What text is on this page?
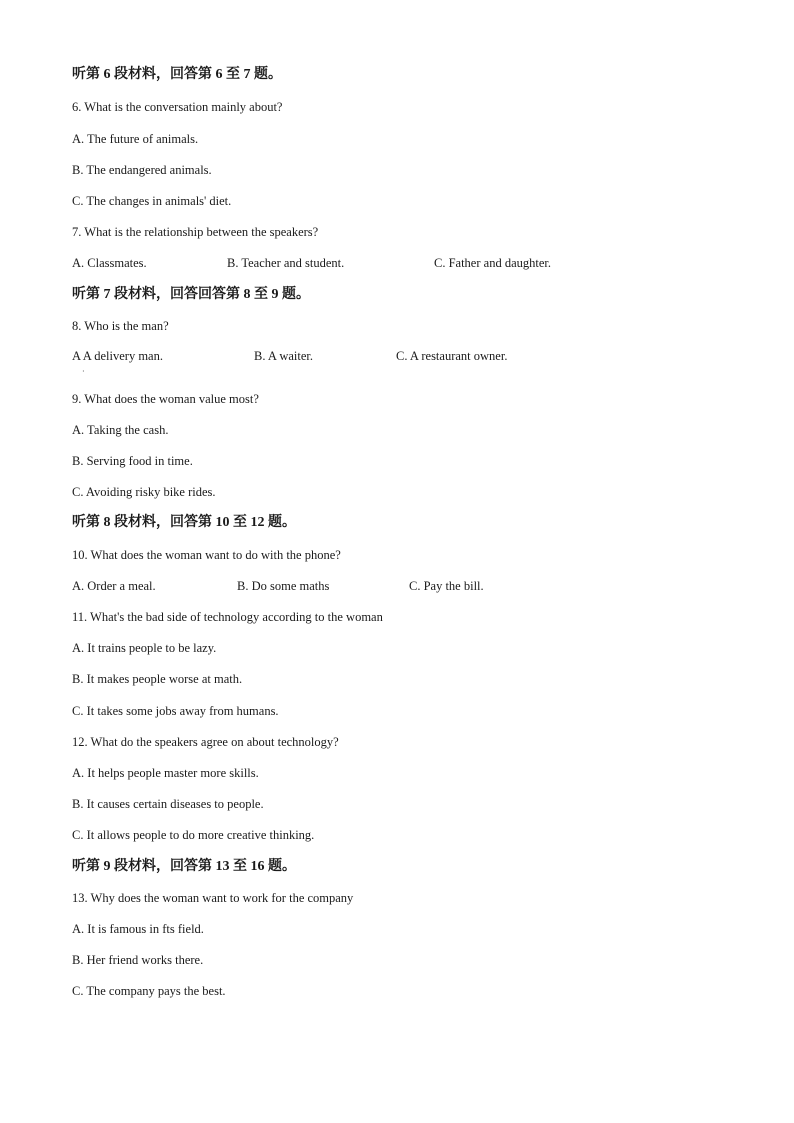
听第 6 段材料，回答第 6 至 7 题。
6. What is the conversation mainly about?
A. The future of animals.
B. The endangered animals.
C. The changes in animals' diet.
7. What is the relationship between the speakers?
A. Classmates.	B. Teacher and student.	C. Father and daughter.
听第 7 段材料，回答回答第 8 至 9 题。
8. Who is the man?
A A delivery man.	B. A waiter.	C. A restaurant owner.
·
9. What does the woman value most?
A. Taking the cash.
B. Serving food in time.
C. Avoiding risky bike rides.
听第 8 段材料，回答第 10 至 12 题。
10. What does the woman want to do with the phone?
A. Order a meal.	B. Do some maths	C. Pay the bill.
11. What's the bad side of technology according to the woman
A. It trains people to be lazy.
B. It makes people worse at math.
C. It takes some jobs away from humans.
12. What do the speakers agree on about technology?
A. It helps people master more skills.
B. It causes certain diseases to people.
C. It allows people to do more creative thinking.
听第 9 段材料，回答第 13 至 16 题。
13. Why does the woman want to work for the company
A. It is famous in fts field.
B. Her friend works there.
C. The company pays the best.
